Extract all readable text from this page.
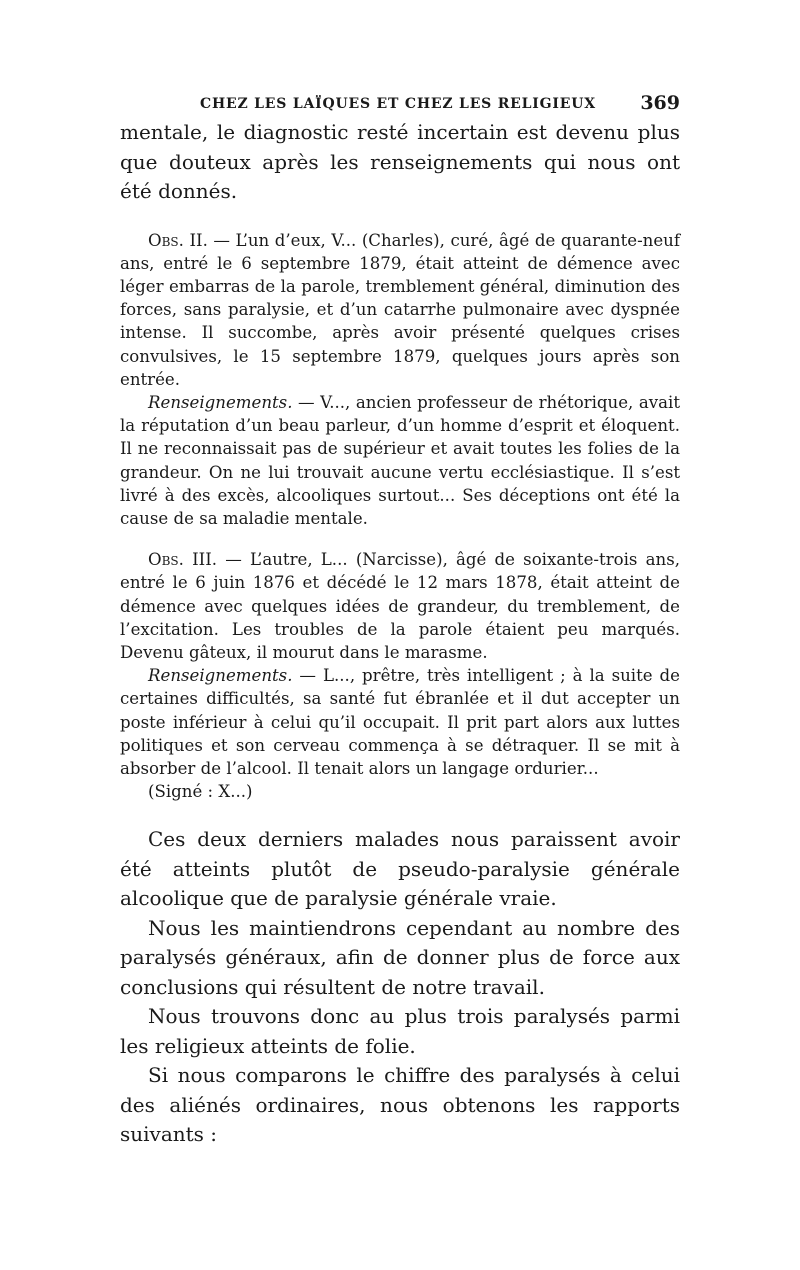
CHEZ LES LAÏQUES ET CHEZ LES RELIGIEUX 369

mentale, le diagnostic resté incertain est devenu plus que douteux après les renseignements qui nous ont été donnés.

Obs. II. — L’un d’eux, V... (Charles), curé, âgé de quarante-neuf ans, entré le 6 septembre 1879, était atteint de démence avec léger embarras de la parole, tremblement général, diminution des forces, sans paralysie, et d’un catarrhe pulmonaire avec dyspnée intense. Il succombe, après avoir présenté quelques crises convulsives, le 15 septembre 1879, quelques jours après son entrée.

Renseignements. — V..., ancien professeur de rhétorique, avait la réputation d’un beau parleur, d’un homme d’esprit et éloquent. Il ne reconnaissait pas de supérieur et avait toutes les folies de la grandeur. On ne lui trouvait aucune vertu ecclésiastique. Il s’est livré à des excès, alcooliques surtout... Ses déceptions ont été la cause de sa maladie mentale.

Obs. III. — L’autre, L... (Narcisse), âgé de soixante-trois ans, entré le 6 juin 1876 et décédé le 12 mars 1878, était atteint de démence avec quelques idées de grandeur, du tremblement, de l’excitation. Les troubles de la parole étaient peu marqués. Devenu gâteux, il mourut dans le marasme.

Renseignements. — L..., prêtre, très intelligent ; à la suite de certaines difficultés, sa santé fut ébranlée et il dut accepter un poste inférieur à celui qu’il occupait. Il prit part alors aux luttes politiques et son cerveau commença à se détraquer. Il se mit à absorber de l’alcool. Il tenait alors un langage ordurier...
(Signé : X...)

Ces deux derniers malades nous paraissent avoir été atteints plutôt de pseudo-paralysie générale alcoolique que de paralysie générale vraie.

Nous les maintiendrons cependant au nombre des paralysés généraux, afin de donner plus de force aux conclusions qui résultent de notre travail.

Nous trouvons donc au plus trois paralysés parmi les religieux atteints de folie.

Si nous comparons le chiffre des paralysés à celui des aliénés ordinaires, nous obtenons les rapports suivants :
